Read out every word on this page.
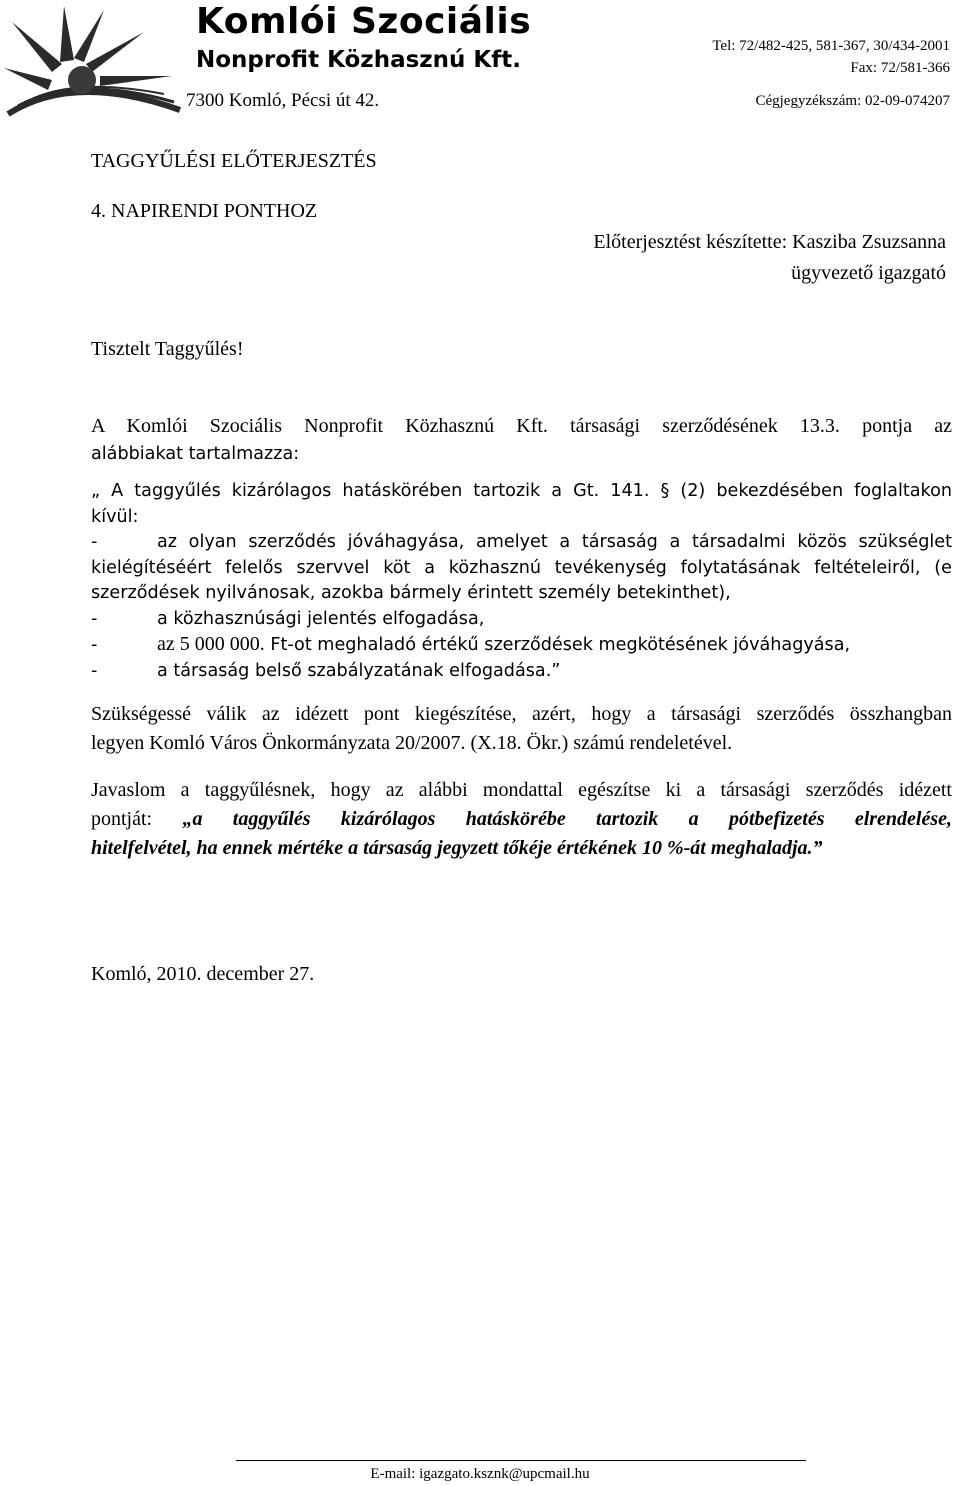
Komlói Szociális
Nonprofit Közhasznú Kft.
7300 Komló, Pécsi út 42.
Tel: 72/482-425, 581-367, 30/434-2001
Fax: 72/581-366
Cégjegyzékszám: 02-09-074207
TAGGYŰLÉSI ELŐTERJESZTÉS
4. NAPIRENDI PONTHOZ
Előterjesztést készítette: Kasziba Zsuzsanna
ügyvezető igazgató
Tisztelt Taggyűlés!
A Komlói Szociális Nonprofit Közhasznú Kft. társasági szerződésének 13.3. pontja az
alábbiakat tartalmazza:
„ A taggyűlés kizárólagos hatáskörében tartozik a Gt. 141. § (2) bekezdésében foglaltakon
kívül:
-	az olyan szerződés jóváhagyása, amelyet a társaság a társadalmi közös szükséglet
kielégítéséért felelős szervvel köt a közhasznú tevékenység folytatásának feltételeiről, (e
szerződések nyilvánosak, azokba bármely érintett személy betekinthet),
-	a közhasznúsági jelentés elfogadása,
-	az 5 000 000. Ft-ot meghaladó értékű szerződések megkötésének jóváhagyása,
-	a társaság belső szabályzatának elfogadása.”
Szükségessé válik az idézett pont kiegészítése, azért, hogy a társasági szerződés összhangban
legyen Komló Város Önkormányzata 20/2007. (X.18. Ökr.) számú rendeletével.
Javaslom a taggyűlésnek, hogy az alábbi mondattal egészítse ki a társasági szerződés idézett
pontját: „a taggyűlés kizárólagos hatáskörébe tartozik a pótbefizetés elrendelése,
hitelfelvétel, ha ennek mértéke a társaság jegyzett tőkéje értékének 10 %-át meghaladja.”
Komló, 2010. december 27.
E-mail: igazgato.ksznk@upcmail.hu
